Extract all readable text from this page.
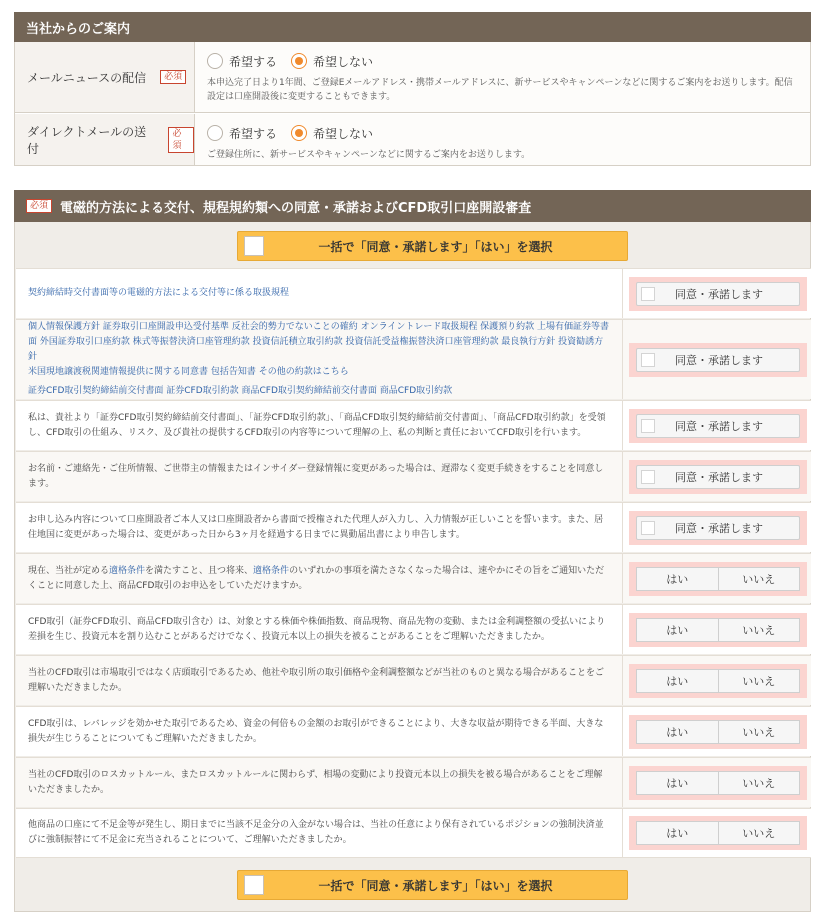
当社からのご案内
メールニュースの配信	必須
希望する	希望しない
本申込完了日より1年間、ご登録Eメールアドレス・携帯メールアドレスに、新サービスやキャンペーンなどに関するご案内をお送りします。配信設定は口座開設後に変更することもできます。
ダイレクトメールの送付
必須
希望する	希望しない
ご登録住所に、新サービスやキャンペーンなどに関するご案内をお送りします。
必須 電磁的方法による交付、規程規約類への同意・承諾およびCFD取引口座開設審査
一括で「同意・承諾します」「はい」を選択
契約締結時交付書面等の電磁的方法による交付等に係る取扱規程	同意・承諾します
個人情報保護方針 証券取引口座開設申込受付基準 反社会的勢力でないことの確約 オンライントレード取扱規程 保護預り約款 上場有価証券等書
面 外国証券取引口座約款 株式等振替決済口座管理約款 投資信託積立取引約款 投資信託受益権振替決済口座管理約款 最良執行方針 投資勧誘方針
米国現地譲渡税関連情報提供に関する同意書 包括告知書 その他の約款はこちら
証券CFD取引契約締結前交付書面 証券CFD取引約款 商品CFD取引契約締結前交付書面 商品CFD取引約款
同意・承諾します
私は、貴社より「証券CFD取引契約締結前交付書面」、「証券CFD取引約款」、「商品CFD取引契約締結前交付書面」、「商品CFD取引約款」を受領し、CFD取引の仕組み、リスク、及び貴社の提供するCFD取引の内容等について理解の上、私の判断と責任においてCFD取引を行います。	同意・承諾します
お名前・ご連絡先・ご住所情報、ご世帯主の情報またはインサイダー登録情報に変更があった場合は、遅滞なく変更手続きをすることを同意します。	同意・承諾します
お申し込み内容について口座開設者ご本人又は口座開設者から書面で授権された代理人が入力し、入力情報が正しいことを誓います。また、居住地国に変更があった場合は、変更があった日から3ヶ月を経過する日までに異動届出書により申告します。	同意・承諾します
現在、当社が定める適格条件を満たすこと、且つ将来、適格条件のいずれかの事項を満たさなくなった場合は、速やかにその旨をご通知いただくことに同意した上、商品CFD取引のお申込をしていただけますか。	はい	いいえ
CFD取引（証券CFD取引、商品CFD取引含む）は、対象とする株価や株価指数、商品現物、商品先物の変動、または金利調整額の受払いにより差損を生じ、投資元本を割り込むことがあるだけでなく、投資元本以上の損失を被ることがあることをご理解いただきましたか。	はい	いいえ
当社のCFD取引は市場取引ではなく店頭取引であるため、他社や取引所の取引価格や金利調整額などが当社のものと異なる場合があることをご理解いただきましたか。	はい	いいえ
CFD取引は、レバレッジを効かせた取引であるため、資金の何倍もの金額のお取引ができることにより、大きな収益が期待できる半面、大きな損失が生じうることについてもご理解いただきましたか。	はい	いいえ
当社のCFD取引のロスカットルール、またロスカットルールに関わらず、相場の変動により投資元本以上の損失を被る場合があることをご理解いただきましたか。	はい	いいえ
他商品の口座にて不足金等が発生し、期日までに当該不足金分の入金がない場合は、当社の任意により保有されているポジションの強制決済並びに強制振替にて不足金に充当されることについて、ご理解いただきましたか。	はい	いいえ
一括で「同意・承諾します」「はい」を選択
